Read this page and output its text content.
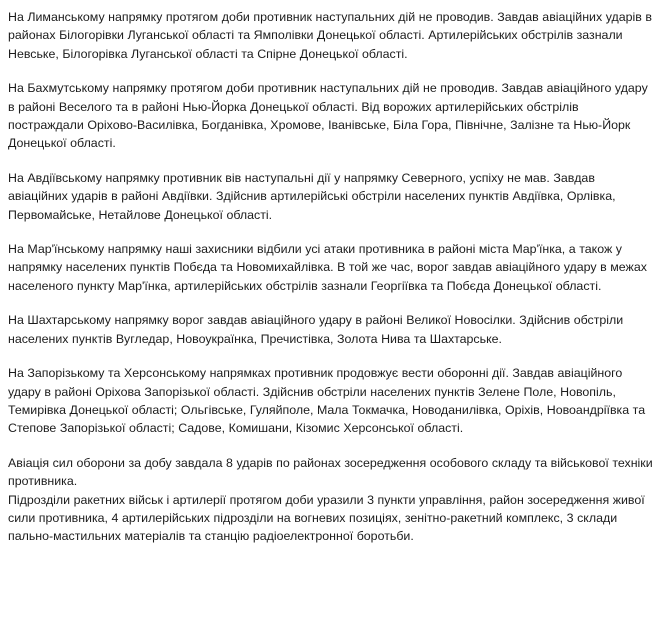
На Лиманському напрямку протягом доби противник наступальних дій не проводив. Завдав авіаційних ударів в районах Білогорівки Луганської області та Ямполівки Донецької області. Артилерійських обстрілів зазнали Невське, Білогорівка Луганської області та Спірне Донецької області.

На Бахмутському напрямку протягом доби противник наступальних дій не проводив. Завдав авіаційного удару в районі Веселого та в районі Нью-Йорка Донецької області. Від ворожих артилерійських обстрілів постраждали Оріхово-Василівка, Богданівка, Хромове, Іванівське, Біла Гора, Північне, Залізне та Нью-Йорк Донецької області.

На Авдіївському напрямку противник вів наступальні дії у напрямку Северного, успіху не мав. Завдав авіаційних ударів в районі Авдіївки. Здійснив артилерійські обстріли населених пунктів Авдіївка, Орлівка, Первомайське, Нетайлове Донецької області.

На Мар'їнському напрямку наші захисники відбили усі атаки противника в районі міста Мар'їнка, а також у напрямку населених пунктів Побєда та Новомихайлівка. В той же час, ворог завдав авіаційного удару в межах населеного пункту Мар'їнка, артилерійських обстрілів зазнали Георгіївка та Побєда Донецької області.

На Шахтарському напрямку ворог завдав авіаційного удару в районі Великої Новосілки. Здійснив обстріли населених пунктів Вугледар, Новоукраїнка, Пречистівка, Золота Нива та Шахтарське.

На Запорізькому та Херсонському напрямках противник продовжує вести оборонні дії. Завдав авіаційного удару в районі Оріхова Запорізької області. Здійснив обстріли населених пунктів Зелене Поле, Новопіль, Темирівка Донецької області; Ольгівське, Гуляйполе, Мала Токмачка, Новоданилівка, Оріхів, Новоандріївка та Степове Запорізької області; Садове, Комишани, Кізомис Херсонської області.

Авіація сил оборони за добу завдала 8 ударів по районах зосередження особового складу та військової техніки противника.

Підрозділи ракетних військ і артилерії протягом доби уразили 3 пункти управління, район зосередження живої сили противника, 4 артилерійських підрозділи на вогневих позиціях, зенітно-ракетний комплекс, 3 склади пально-мастильних матеріалів та станцію радіоелектронної боротьби.
